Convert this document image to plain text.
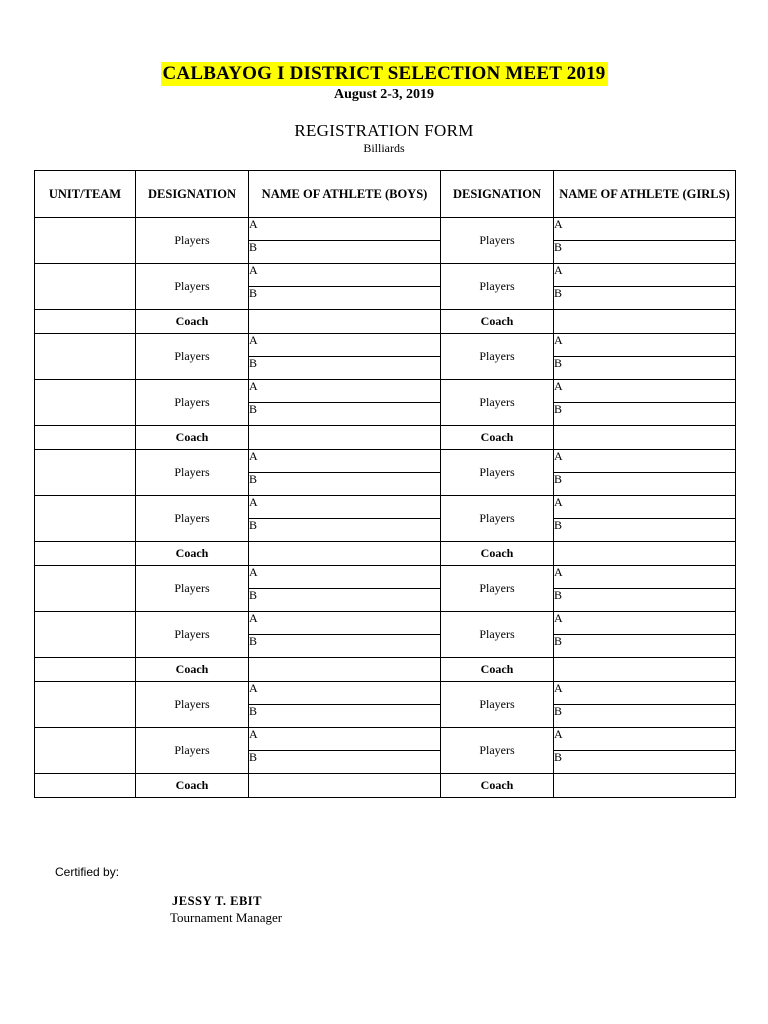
CALBAYOG I DISTRICT SELECTION MEET 2019
August 2-3, 2019
REGISTRATION FORM
Billiards
UNIT/TEAM	DESIGNATION	NAME OF ATHLETE (BOYS)	DESIGNATION	NAME OF ATHLETE (GIRLS)
	Players	A	Players	A
		B		B
	Players	A	Players	A
		B		B
	Coach		Coach	
	Players	A	Players	A
		B		B
	Players	A	Players	A
		B		B
	Coach		Coach	
	Players	A	Players	A
		B		B
	Players	A	Players	A
		B		B
	Coach		Coach	
	Players	A	Players	A
		B		B
	Players	A	Players	A
		B		B
	Coach		Coach	
	Players	A	Players	A
		B		B
	Players	A	Players	A
		B		B
	Coach		Coach	
Certified by:
JESSY T. EBIT
Tournament Manager
